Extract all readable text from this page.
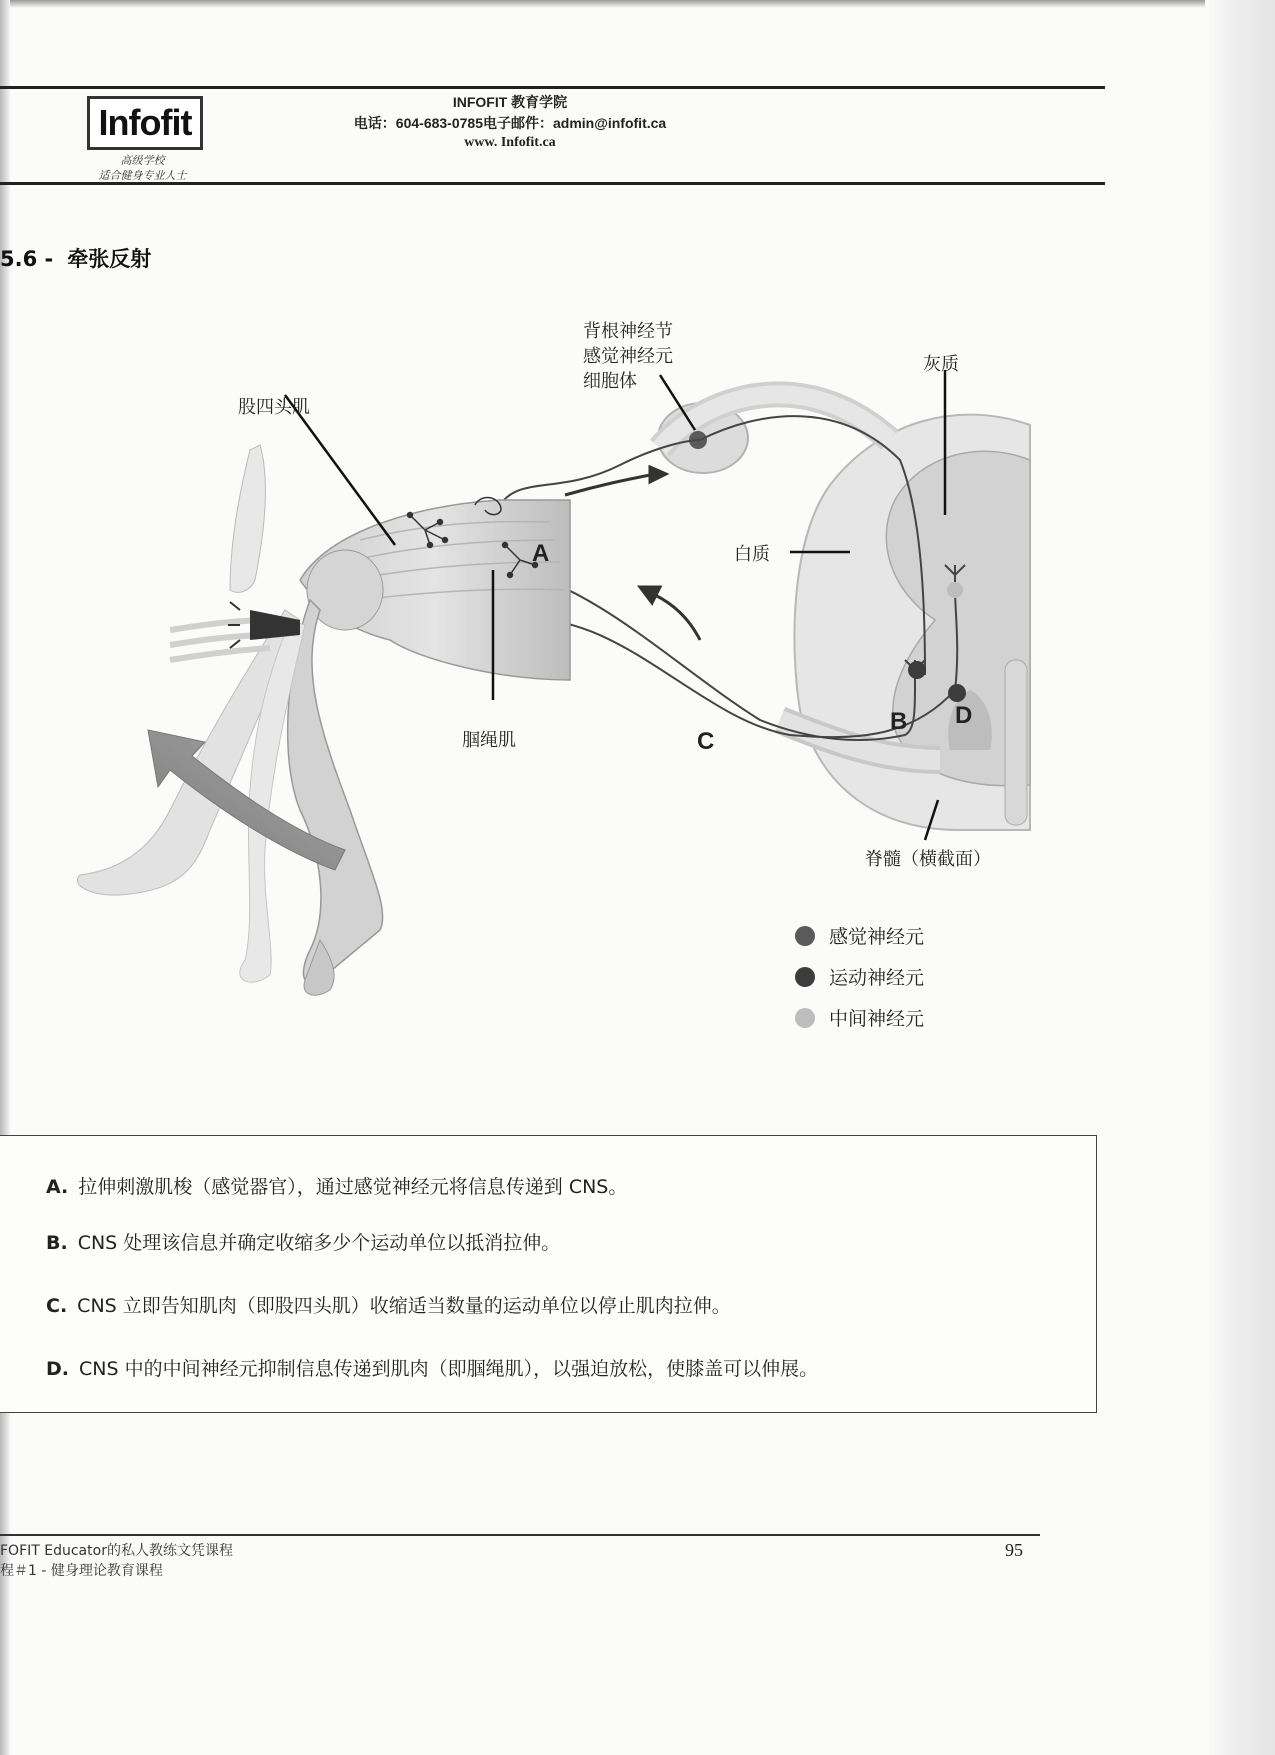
Infofit
高级学校
适合健身专业人士
INFOFIT 教育学院
电话：604-683-0785电子邮件：admin@infofit.ca
www. Infofit.ca
5.6 - 牵张反射
背根神经节
感觉神经元
细胞体
灰质
股四头肌
白质
腘绳肌
脊髓（横截面）
A
B
C
D
感觉神经元
运动神经元
中间神经元
A. 拉伸刺激肌梭（感觉器官），通过感觉神经元将信息传递到 CNS。
B. CNS 处理该信息并确定收缩多少个运动单位以抵消拉伸。
C. CNS 立即告知肌肉（即股四头肌）收缩适当数量的运动单位以停止肌肉拉伸。
D. CNS 中的中间神经元抑制信息传递到肌肉（即腘绳肌），以强迫放松，使膝盖可以伸展。
FOFIT Educator的私人教练文凭课程
程＃1 - 健身理论教育课程
95
